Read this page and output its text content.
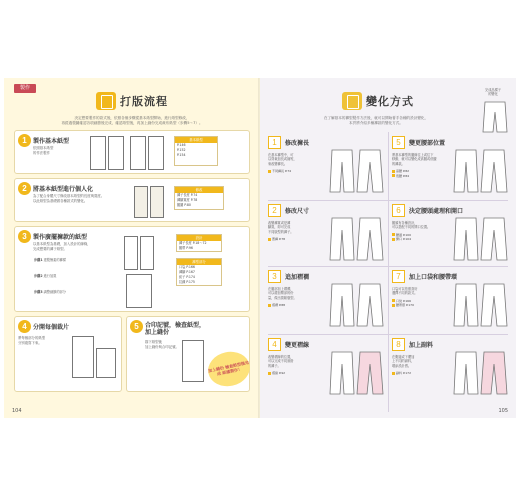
製作
打版流程
決定想要製作的款式後，依照各個步驟從基本紙型開始，進行紙型修改，
再經過製圖確認各項細節後完成，確認紙型後，再加上縫份完成裁布紙型（步驟5～7）。
1	製作基本紙型
依照基本紙型
的作法製作
基本紙型
P.146
P.152
P.154
2	將基本紙型進行個人化
為了配合身體尺寸修改基本紙型的長度與寬度。
以此紙型為基礎做各種款式的變化。
修改
褲子長度 P.74
褲腳寬度 P.78
腰圍 P.80
3	製作廣擺褲款的紙型
以基本紙型為基礎，加入設計的線條，
完成想要的褲子紙型。
步驟1 建製簡素的褲樣
步驟2 進行加寬
步驟3 調整細節的部分
設計
褲子長度 P.18～72
腰帶 P.96
褲型部分
口袋 P.166
褲腳 P.167
釦子 P.174
拉鍊 P.175
4	分開每個裁片
將每個部分的紙型
分別複寫下來。
5	合印記號，檢查紙型，加上縫份
描下紙型後
加上縫份與合印記號。
加上縫份 檢查紙型後完成 紙樣製作！
104
變化方式
在了解基本的褲型製作方法後，就可以開始著手各種的設計變化，
本頁將介紹多種褲款的變化方式。
完成品樣子
的變化
1	修改褲長
在基本褲型中，可
以剪裁加長或縮短，
來改變褲長。
不同褲長 P.74
5	變更腰部位置
將基本褲型的腰線往上或往下
移動，就可以變化成高腰或低腰
的褲款。
高腰 P.82
低腰 P.84
2	修改尺寸
改變褲寬或是褲
腳寬，即可完成
不同版型的褲子。
寬褲 P.78
6	決定腰頭處理和開口
腰頭有各種設計，
可以搭配不同的開口位置。
腰頭 P.100
開口 P.104
3	追加褶襉
在腰部加上褶襉，
可以增加臀部的份
量，做出寬鬆版型。
褶襉 P.88
7	加上口袋和腰帶環
口袋可以依照喜好
選擇不同的款式。
口袋 P.166
腰帶環 P.170
4	變更褶線
改變褶線的位置，
可以完成不同風格
的褲子。
褶線 P.92
8	加上副料
在側邊或下襬加
上不同的副料，
增添設計感。
副料 P.172
105
